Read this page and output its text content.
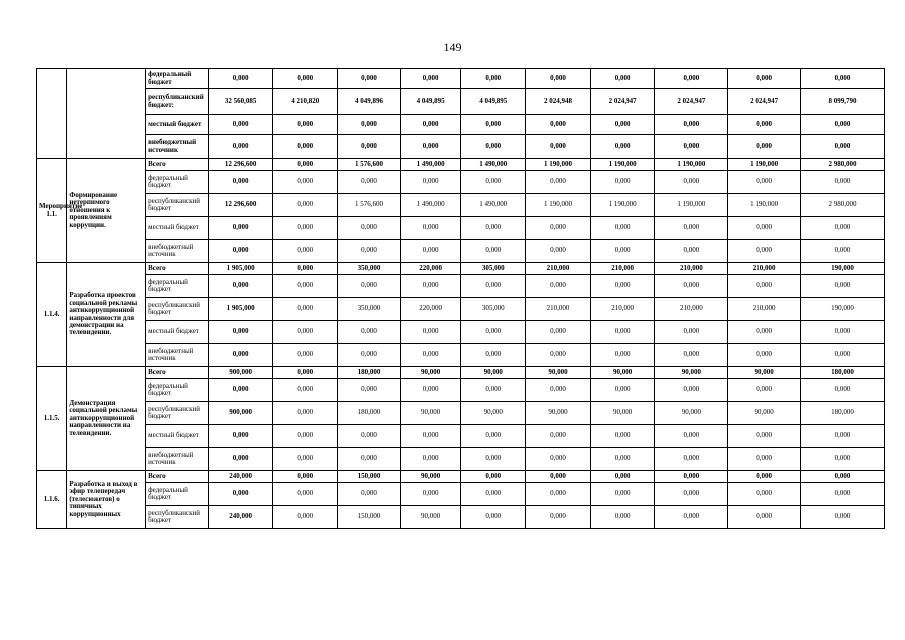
149
		федеральный бюджет	0,000	0,000	0,000	0,000	0,000	0,000	0,000	0,000	0,000	0,000
		республиканский бюджет:	32 560,085	4 210,820	4 049,896	4 049,895	4 049,895	2 024,948	2 024,947	2 024,947	2 024,947	8 099,790
		местный бюджет	0,000	0,000	0,000	0,000	0,000	0,000	0,000	0,000	0,000	0,000
		внебюджетный источник	0,000	0,000	0,000	0,000	0,000	0,000	0,000	0,000	0,000	0,000
Мероприятие 1.1.	Формирование нетерпимого отношения к проявлениям коррупции.	Всего	12 296,600	0,000	1 576,600	1 490,000	1 490,000	1 190,000	1 190,000	1 190,000	1 190,000	2 980,000
		федеральный бюджет	0,000	0,000	0,000	0,000	0,000	0,000	0,000	0,000	0,000	0,000
		республиканский бюджет	12 296,600	0,000	1 576,600	1 490,000	1 490,000	1 190,000	1 190,000	1 190,000	1 190,000	2 980,000
		местный бюджет	0,000	0,000	0,000	0,000	0,000	0,000	0,000	0,000	0,000	0,000
		внебюджетный источник	0,000	0,000	0,000	0,000	0,000	0,000	0,000	0,000	0,000	0,000
1.1.4.	Разработка проектов социальной рекламы антикоррупционной направленности для демонстрации на телевидении.	Всего	1 905,000	0,000	350,000	220,000	305,000	210,000	210,000	210,000	210,000	190,000
		федеральный бюджет	0,000	0,000	0,000	0,000	0,000	0,000	0,000	0,000	0,000	0,000
		республиканский бюджет	1 905,000	0,000	350,000	220,000	305,000	210,000	210,000	210,000	210,000	190,000
		местный бюджет	0,000	0,000	0,000	0,000	0,000	0,000	0,000	0,000	0,000	0,000
		внебюджетный источник	0,000	0,000	0,000	0,000	0,000	0,000	0,000	0,000	0,000	0,000
1.1.5.	Демонстрация социальной рекламы антикоррупционной направленности на телевидении.	Всего	900,000	0,000	180,000	90,000	90,000	90,000	90,000	90,000	90,000	180,000
		федеральный бюджет	0,000	0,000	0,000	0,000	0,000	0,000	0,000	0,000	0,000	0,000
		республиканский бюджет	900,000	0,000	180,000	90,000	90,000	90,000	90,000	90,000	90,000	180,000
		местный бюджет	0,000	0,000	0,000	0,000	0,000	0,000	0,000	0,000	0,000	0,000
		внебюджетный источник	0,000	0,000	0,000	0,000	0,000	0,000	0,000	0,000	0,000	0,000
1.1.6.	Разработка и выход в эфир телепередач (телесюжетов) о типичных коррупционных	Всего	240,000	0,000	150,000	90,000	0,000	0,000	0,000	0,000	0,000	0,000
		федеральный бюджет	0,000	0,000	0,000	0,000	0,000	0,000	0,000	0,000	0,000	0,000
		республиканский бюджет	240,000	0,000	150,000	90,000	0,000	0,000	0,000	0,000	0,000	0,000
